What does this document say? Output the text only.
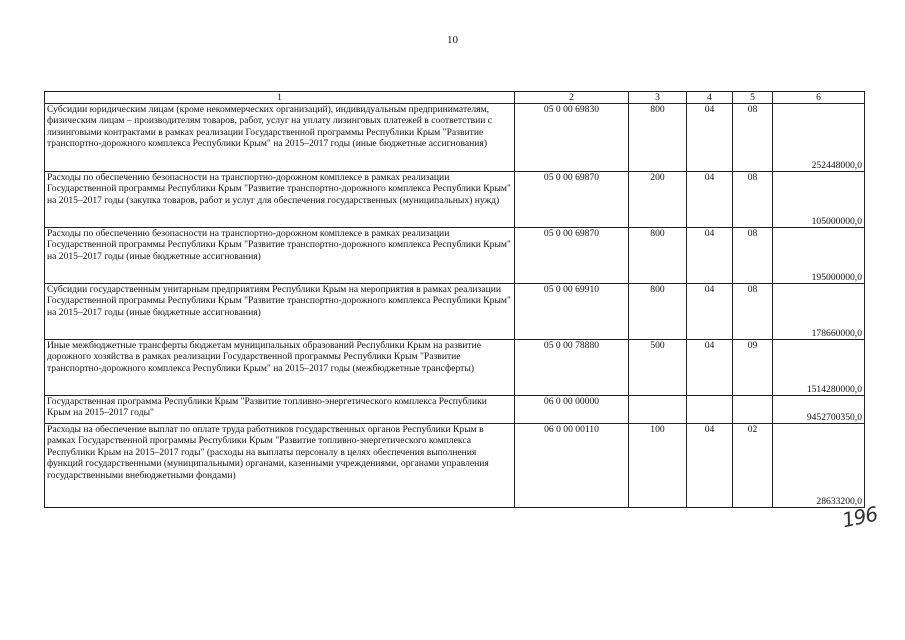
10
1	2	3	4	5	6
Субсидии юридическим лицам (кроме некоммерческих организаций), индивидуальным предпринимателям, физическим лицам – производителям товаров, работ, услуг на уплату лизинговых платежей в соответствии с лизинговыми контрактами в рамках реализации Государственной программы Республики Крым "Развитие транспортно-дорожного комплекса Республики Крым" на 2015–2017 годы (иные бюджетные ассигнования)	05 0 00 69830	800	04	08	252448000,0
Расходы по обеспечению безопасности на транспортно-дорожном комплексе в рамках реализации Государственной программы Республики Крым "Развитие транспортно-дорожного комплекса Республики Крым" на 2015–2017 годы (закупка товаров, работ и услуг для обеспечения государственных (муниципальных) нужд)	05 0 00 69870	200	04	08	105000000,0
Расходы по обеспечению безопасности на транспортно-дорожном комплексе в рамках реализации Государственной программы Республики Крым "Развитие транспортно-дорожного комплекса Республики Крым" на 2015–2017 годы (иные бюджетные ассигнования)	05 0 00 69870	800	04	08	195000000,0
Субсидии государственным унитарным предприятиям Республики Крым на мероприятия в рамках реализации Государственной программы Республики Крым "Развитие транспортно-дорожного комплекса Республики Крым" на 2015–2017 годы (иные бюджетные ассигнования)	05 0 00 69910	800	04	08	178660000,0
Иные межбюджетные трансферты бюджетам муниципальных образований Республики Крым на развитие дорожного хозяйства в рамках реализации Государственной программы Республики Крым "Развитие транспортно-дорожного комплекса Республики Крым" на 2015–2017 годы (межбюджетные трансферты)	05 0 00 78880	500	04	09	1514280000,0
Государственная программа Республики Крым "Развитие топливно-энергетического комплекса Республики Крым на 2015–2017 годы"	06 0 00 00000				9452700350,0
Расходы на обеспечение выплат по оплате труда работников государственных органов Республики Крым в рамках Государственной программы Республики Крым "Развитие топливно-энергетического комплекса Республики Крым на 2015–2017 годы" (расходы на выплаты персоналу в целях обеспечения выполнения функций государственными (муниципальными) органами, казенными учреждениями, органами управления государственными внебюджетными фондами)	06 0 00 00110	100	04	02	28633200,0
196
